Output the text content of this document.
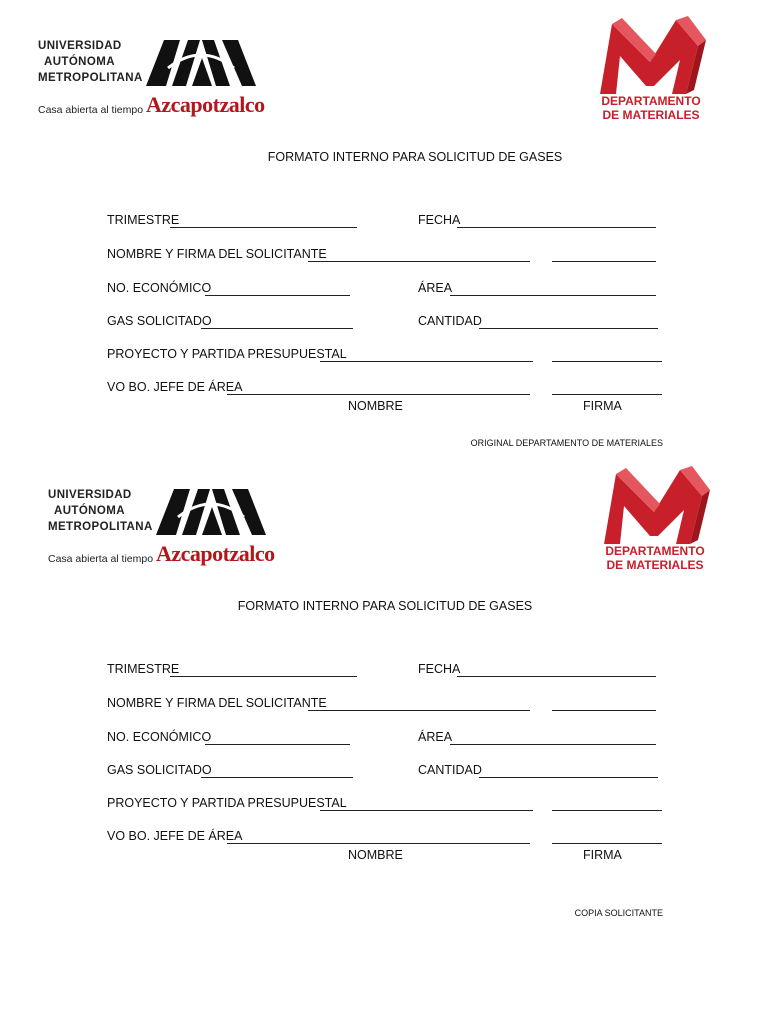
UNIVERSIDAD
AUTÓNOMA
METROPOLITANA
Casa abierta al tiempo Azcapotzalco	DEPARTAMENTO
DE MATERIALES
FORMATO INTERNO PARA SOLICITUD DE GASES
TRIMESTRE	FECHA
NOMBRE Y FIRMA DEL SOLICITANTE
NO. ECONÓMICO	ÁREA
GAS SOLICITADO	CANTIDAD
PROYECTO Y PARTIDA PRESUPUESTAL
VO BO. JEFE DE ÁREA
NOMBRE	FIRMA
ORIGINAL DEPARTAMENTO DE MATERIALES
UNIVERSIDAD
AUTÓNOMA
METROPOLITANA
Casa abierta al tiempo Azcapotzalco	DEPARTAMENTO
DE MATERIALES
FORMATO INTERNO PARA SOLICITUD DE GASES
TRIMESTRE	FECHA
NOMBRE Y FIRMA DEL SOLICITANTE
NO. ECONÓMICO	ÁREA
GAS SOLICITADO	CANTIDAD
PROYECTO Y PARTIDA PRESUPUESTAL
VO BO. JEFE DE ÁREA
NOMBRE	FIRMA
COPIA SOLICITANTE
